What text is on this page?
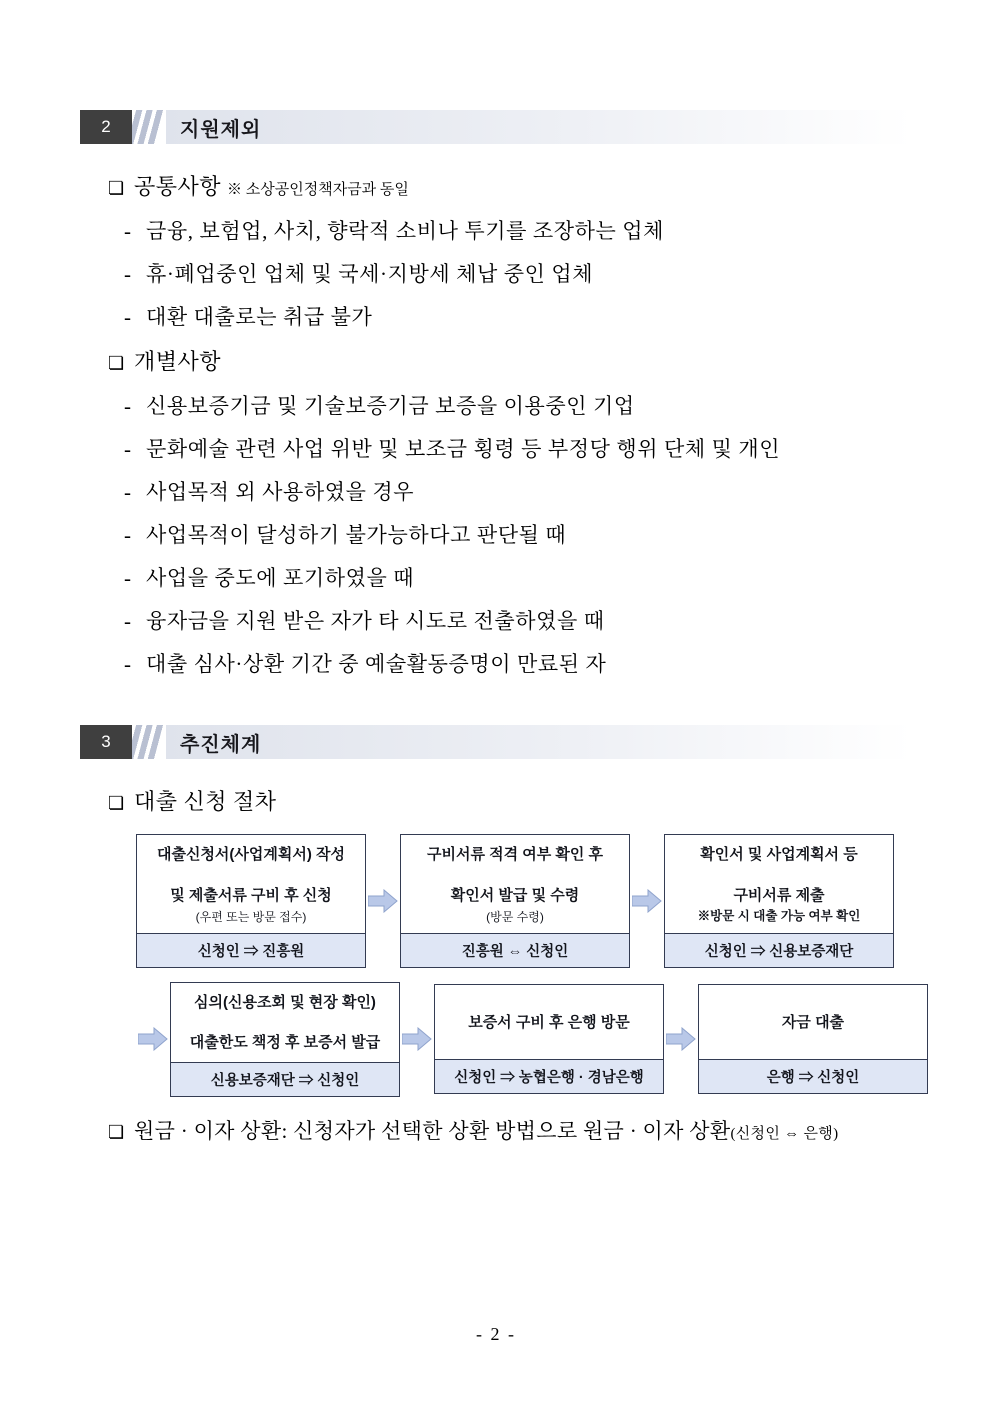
2	지원제외
❏ 공통사항 ※ 소상공인정책자금과 동일
- 금융, 보험업, 사치, 향락적 소비나 투기를 조장하는 업체
- 휴·폐업중인 업체 및 국세·지방세 체납 중인 업체
- 대환 대출로는 취급 불가
❏ 개별사항
- 신용보증기금 및 기술보증기금 보증을 이용중인 기업
- 문화예술 관련 사업 위반 및 보조금 횡령 등 부정당 행위 단체 및 개인
- 사업목적 외 사용하였을 경우
- 사업목적이 달성하기 불가능하다고 판단될 때
- 사업을 중도에 포기하였을 때
- 융자금을 지원 받은 자가 타 시도로 전출하였을 때
- 대출 심사·상환 기간 중 예술활동증명이 만료된 자
3	추진체계
❏ 대출 신청 절차
대출신청서(사업계획서) 작성

및 제출서류 구비 후 신청
(우편 또는 방문 접수)
신청인 ⇒ 진흥원
구비서류 적격 여부 확인 후

확인서 발급 및 수령
(방문 수령)
진흥원 ⇔ 신청인
확인서 및 사업계획서 등

구비서류 제출
※방문 시 대출 가능 여부 확인
신청인 ⇒ 신용보증재단
심의(신용조회 및 현장 확인)

대출한도 책정 후 보증서 발급
신용보증재단 ⇒ 신청인
보증서 구비 후 은행 방문
신청인 ⇒ 농협은행 · 경남은행
자금 대출
은행 ⇒ 신청인
❏ 원금 · 이자 상환: 신청자가 선택한 상환 방법으로 원금 · 이자 상환(신청인 ⇔ 은행)
- 2 -
